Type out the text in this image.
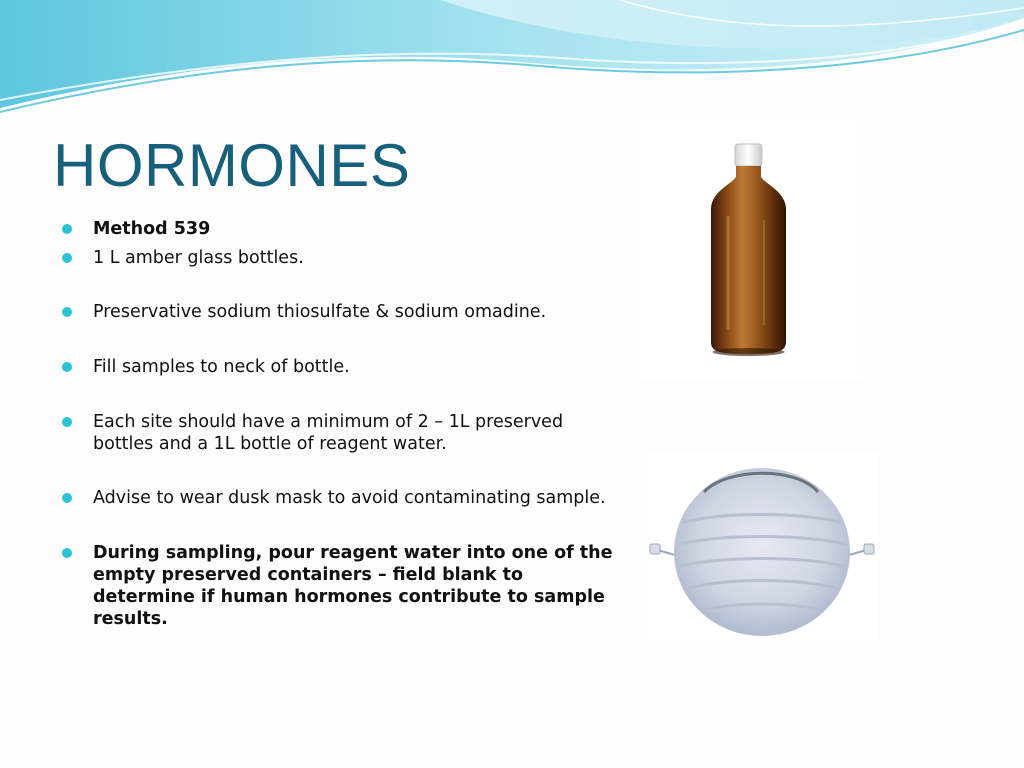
HORMONES
Method 539
1 L amber glass bottles.
Preservative sodium thiosulfate & sodium omadine.
Fill samples to neck of bottle.
Each site should have a minimum of 2 – 1L preserved bottles and a 1L bottle of reagent water.
Advise to wear dusk mask to avoid contaminating sample.
During sampling, pour reagent water into one of the empty preserved containers – field blank to determine if human hormones contribute to sample results.
